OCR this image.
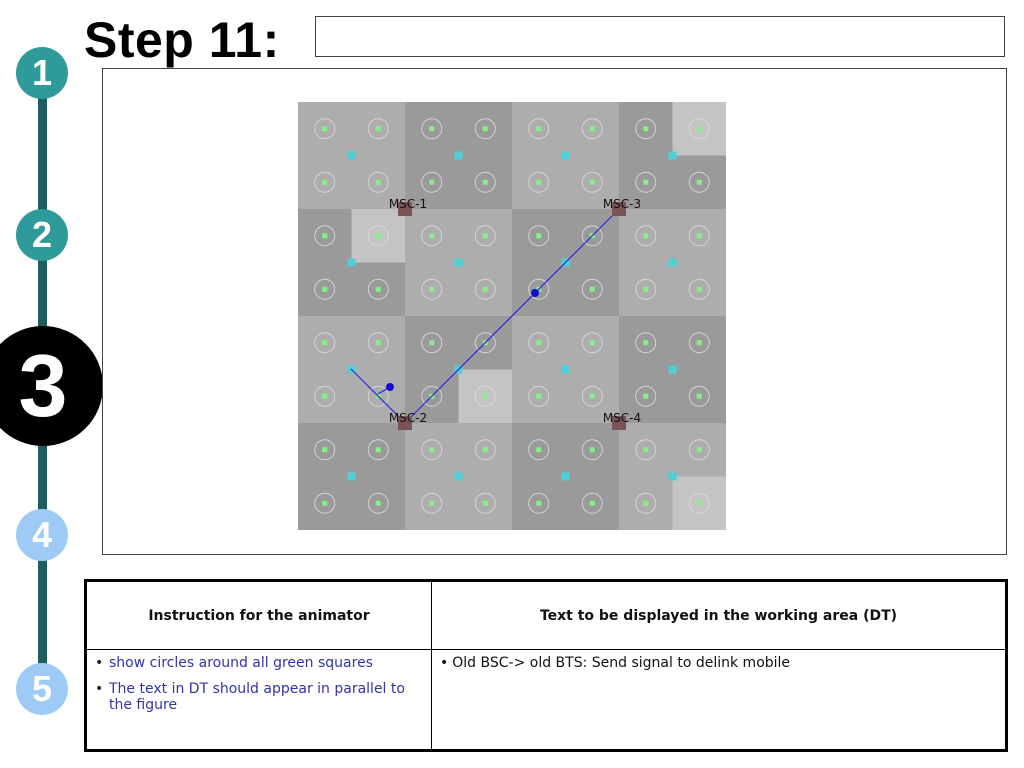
Step 11:
1
2
3
4
5
MSC-1
MSC-2
MSC-3
MSC-4
Instruction for the animator	Text to be displayed in the working area (DT)
• show circles around all green squares
• The text in DT should appear in parallel to the figure
• Old BSC-> old BTS: Send signal to delink mobile
